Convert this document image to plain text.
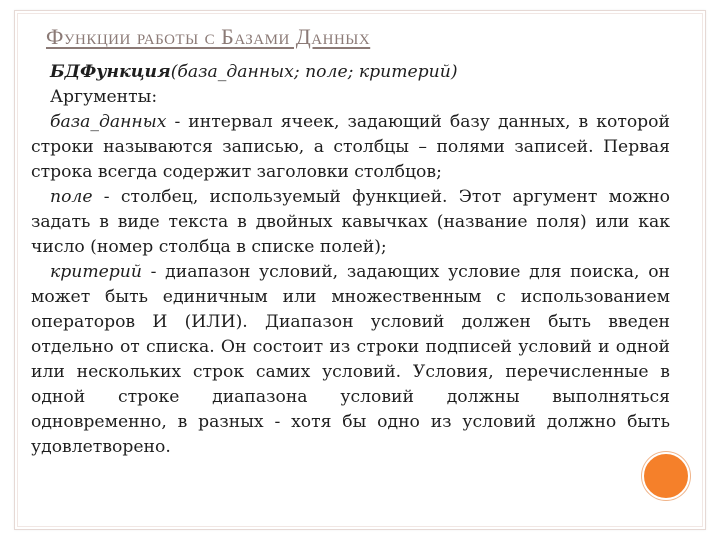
Функции работы с Базами Данных
БДФункция(база_данных; поле; критерий)
Аргументы:
база_данных - интервал ячеек, задающий базу данных, в которой строки называются записью, а столбцы – полями записей. Первая строка всегда содержит заголовки столбцов;
поле - столбец, используемый функцией. Этот аргумент можно задать в виде текста в двойных кавычках (название поля) или как число (номер столбца в списке полей);
критерий - диапазон условий, задающих условие для поиска, он может быть единичным или множественным с использованием операторов И (ИЛИ). Диапазон условий должен быть введен отдельно от списка. Он состоит из строки подписей условий и одной или нескольких строк самих условий. Условия, перечисленные в одной строке диапазона условий должны выполняться одновременно, в разных - хотя бы одно из условий должно быть удовлетворено.
